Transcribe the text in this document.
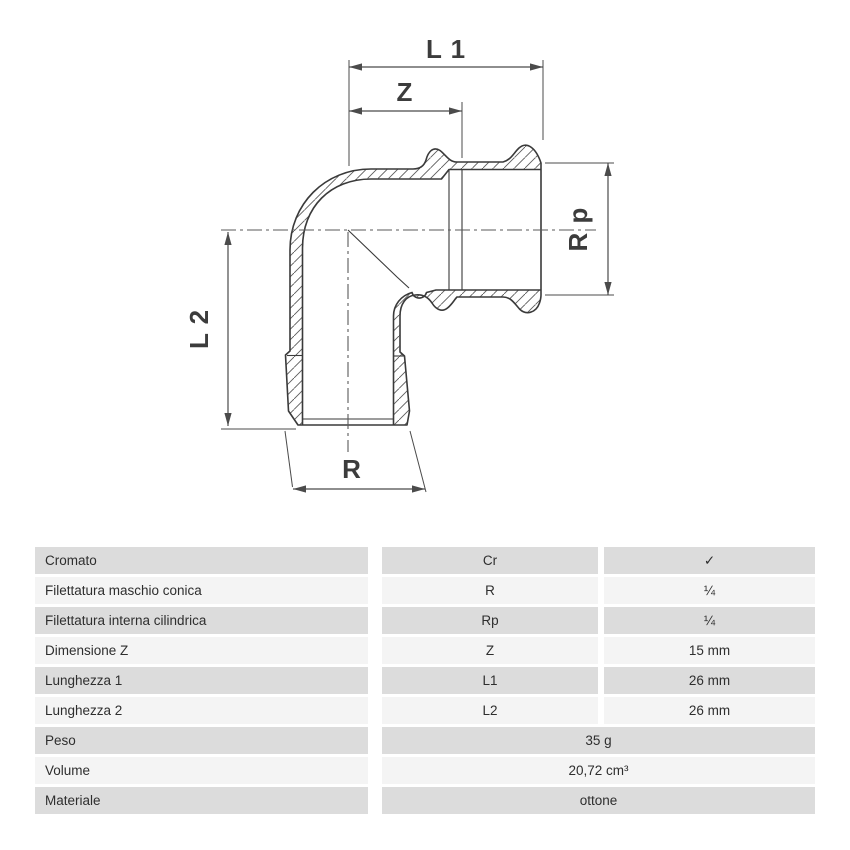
L 1
Z
R p
L 2
R
Cromato	Cr	✓
Filettatura maschio conica	R	¼
Filettatura interna cilindrica	Rp	¼
Dimensione Z	Z	15 mm
Lunghezza 1	L1	26 mm
Lunghezza 2	L2	26 mm
Peso	35 g
Volume	20,72 cm³
Materiale	ottone
